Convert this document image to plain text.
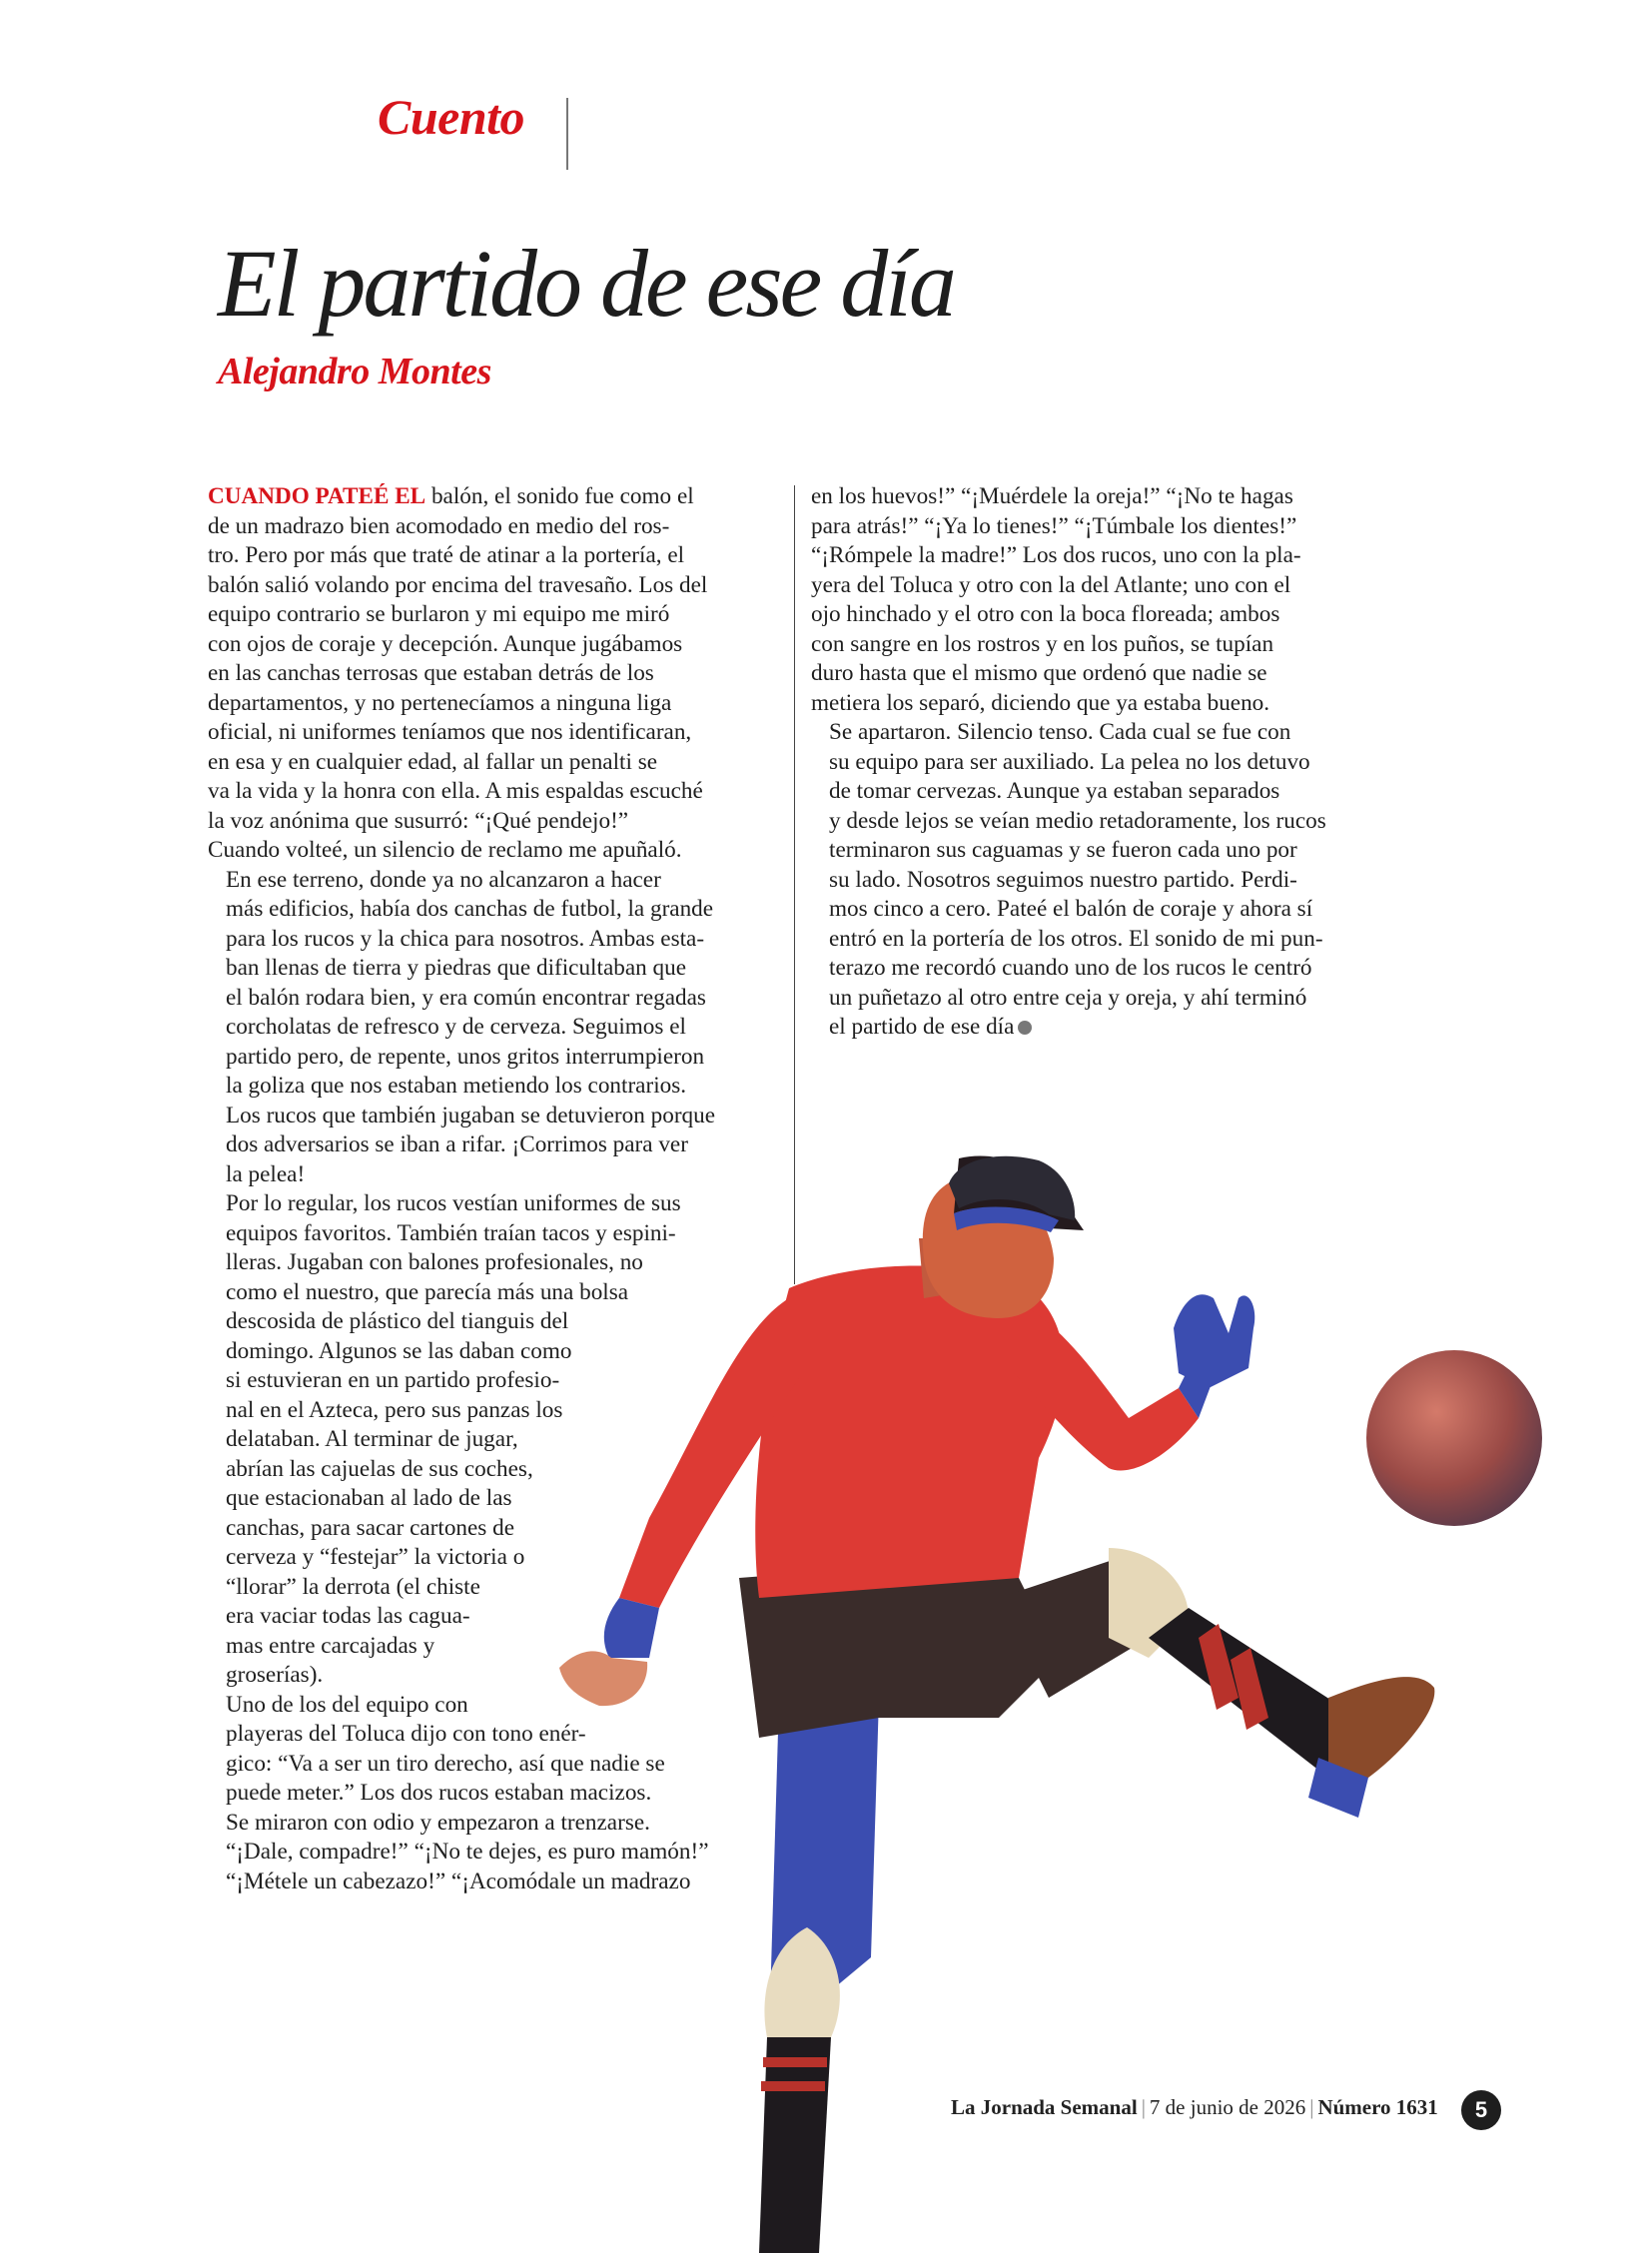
Cuento
El partido de ese día
Alejandro Montes

CUANDO PATEÉ EL balón, el sonido fue como el
de un madrazo bien acomodado en medio del ros-
tro. Pero por más que traté de atinar a la portería, el
balón salió volando por encima del travesaño. Los del
equipo contrario se burlaron y mi equipo me miró
con ojos de coraje y decepción. Aunque jugábamos
en las canchas terrosas que estaban detrás de los
departamentos, y no pertenecíamos a ninguna liga
oficial, ni uniformes teníamos que nos identificaran,
en esa y en cualquier edad, al fallar un penalti se
va la vida y la honra con ella. A mis espaldas escuché
la voz anónima que susurró: “¡Qué pendejo!”
Cuando volteé, un silencio de reclamo me apuñaló.

En ese terreno, donde ya no alcanzaron a hacer
más edificios, había dos canchas de futbol, la grande
para los rucos y la chica para nosotros. Ambas esta-
ban llenas de tierra y piedras que dificultaban que
el balón rodara bien, y era común encontrar regadas
corcholatas de refresco y de cerveza. Seguimos el
partido pero, de repente, unos gritos interrumpieron
la goliza que nos estaban metiendo los contrarios.
Los rucos que también jugaban se detuvieron porque
dos adversarios se iban a rifar. ¡Corrimos para ver
la pelea!

Por lo regular, los rucos vestían uniformes de sus
equipos favoritos. También traían tacos y espini-
lleras. Jugaban con balones profesionales, no
como el nuestro, que parecía más una bolsa
descosida de plástico del tianguis del
domingo. Algunos se las daban como
si estuvieran en un partido profesio-
nal en el Azteca, pero sus panzas los
delataban. Al terminar de jugar,
abrían las cajuelas de sus coches,
que estacionaban al lado de las
canchas, para sacar cartones de
cerveza y “festejar” la victoria o
“llorar” la derrota (el chiste
era vaciar todas las cagua-
mas entre carcajadas y
groserías).

Uno de los del equipo con
playeras del Toluca dijo con tono enér-
gico: “Va a ser un tiro derecho, así que nadie se
puede meter.” Los dos rucos estaban macizos.
Se miraron con odio y empezaron a trenzarse.
“¡Dale, compadre!” “¡No te dejes, es puro mamón!”
“¡Métele un cabezazo!” “¡Acomódale un madrazo

en los huevos!” “¡Muérdele la oreja!” “¡No te hagas
para atrás!” “¡Ya lo tienes!” “¡Túmbale los dientes!”
“¡Rómpele la madre!” Los dos rucos, uno con la pla-
yera del Toluca y otro con la del Atlante; uno con el
ojo hinchado y el otro con la boca floreada; ambos
con sangre en los rostros y en los puños, se tupían
duro hasta que el mismo que ordenó que nadie se
metiera los separó, diciendo que ya estaba bueno.

Se apartaron. Silencio tenso. Cada cual se fue con
su equipo para ser auxiliado. La pelea no los detuvo
de tomar cervezas. Aunque ya estaban separados
y desde lejos se veían medio retadoramente, los rucos
terminaron sus caguamas y se fueron cada uno por
su lado. Nosotros seguimos nuestro partido. Perdi-
mos cinco a cero. Pateé el balón de coraje y ahora sí
entró en la portería de los otros. El sonido de mi pun-
terazo me recordó cuando uno de los rucos le centró
un puñetazo al otro entre ceja y oreja, y ahí terminó
el partido de ese día

La Jornada Semanal | 7 de junio de 2026 | Número 1631	5
